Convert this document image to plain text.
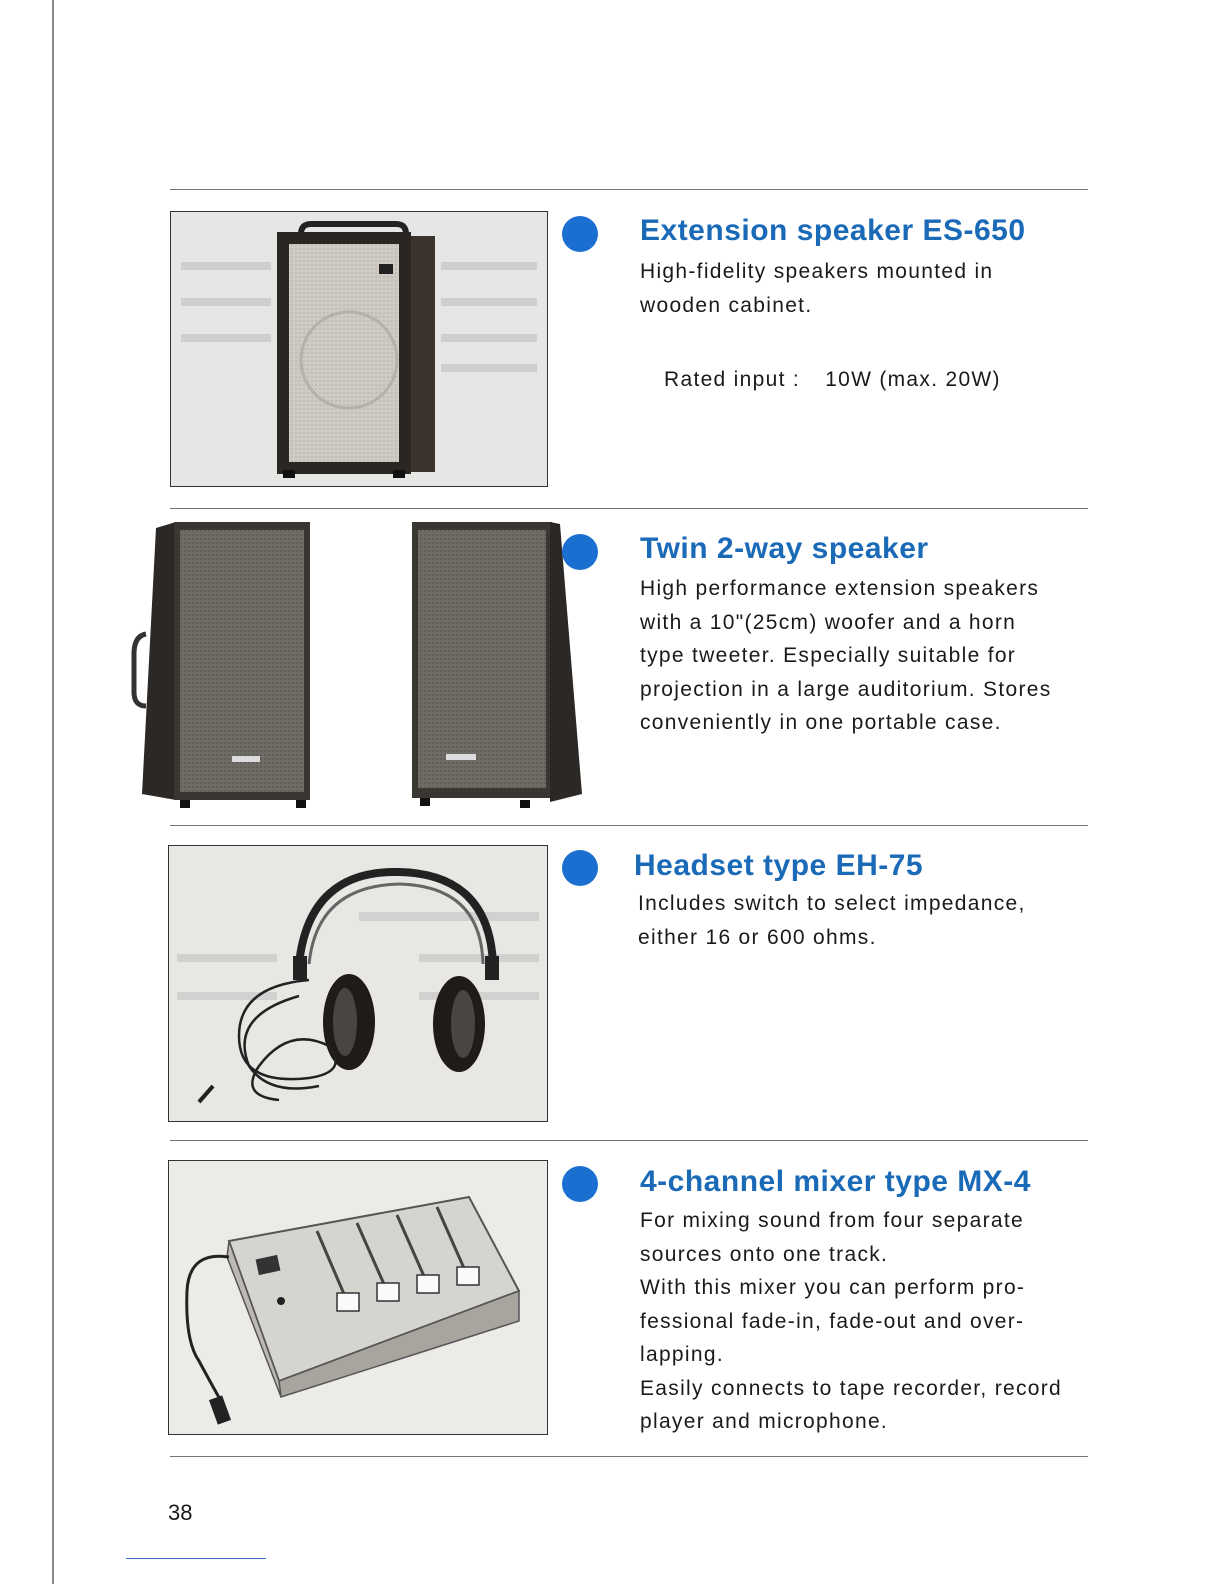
Extension speaker ES-650
High-fidelity speakers mounted in
wooden cabinet.
Rated input : 10W (max. 20W)
Twin 2-way speaker
High performance extension speakers
with a 10"(25cm) woofer and a horn
type tweeter. Especially suitable for
projection in a large auditorium. Stores
conveniently in one portable case.
Headset type EH-75
Includes switch to select impedance,
either 16 or 600 ohms.
4-channel mixer type MX-4
For mixing sound from four separate
sources onto one track.
With this mixer you can perform pro-
fessional fade-in, fade-out and over-
lapping.
Easily connects to tape recorder, record
player and microphone.
38
